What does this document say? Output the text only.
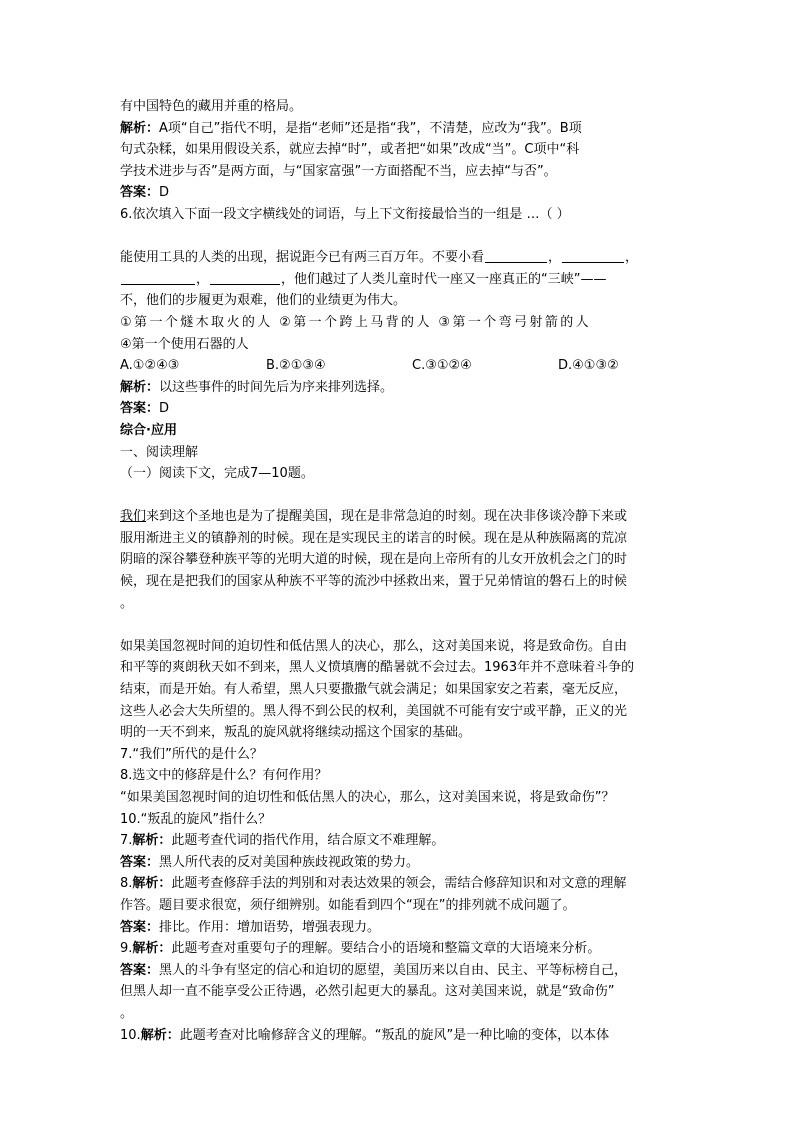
有中国特色的藏用并重的格局。

解析：A项“自己”指代不明，是指“老师”还是指“我”，不清楚，应改为“我”。B项

句式杂糅，如果用假设关系，就应去掉“时”，或者把“如果”改成“当”。C项中“科

学技术进步与否”是两方面，与“国家富强”一方面搭配不当，应去掉“与否”。

答案：D

6.依次填入下面一段文字横线处的词语，与上下文衔接最恰当的一组是 …（ ）

能使用工具的人类的出现，据说距今已有两三百万年。不要小看	，	，

，	，他们越过了人类儿童时代一座又一座真正的“三峡”——

不，他们的步履更为艰难，他们的业绩更为伟大。

①第一个燧木取火的人 ②第一个跨上马背的人 ③第一个弯弓射箭的人

④第一个使用石器的人

A.①②④③	B.②①③④	C.③①②④	D.④①③②

解析：以这些事件的时间先后为序来排列选择。

答案：D

综合·应用

一、阅读理解

（一）阅读下文，完成7—10题。

我们来到这个圣地也是为了提醒美国，现在是非常急迫的时刻。现在决非侈谈冷静下来或

服用渐进主义的镇静剂的时候。现在是实现民主的诺言的时候。现在是从种族隔离的荒凉

阴暗的深谷攀登种族平等的光明大道的时候，现在是向上帝所有的儿女开放机会之门的时

候，现在是把我们的国家从种族不平等的流沙中拯救出来，置于兄弟情谊的磐石上的时候

。

如果美国忽视时间的迫切性和低估黑人的决心，那么，这对美国来说，将是致命伤。自由

和平等的爽朗秋天如不到来，黑人义愤填膺的酷暑就不会过去。1963年并不意味着斗争的

结束，而是开始。有人希望，黑人只要撒撒气就会满足；如果国家安之若素，毫无反应，

这些人必会大失所望的。黑人得不到公民的权利，美国就不可能有安宁或平静，正义的光

明的一天不到来，叛乱的旋风就将继续动摇这个国家的基础。

7.“我们”所代的是什么？

8.选文中的修辞是什么？有何作用？

“如果美国忽视时间的迫切性和低估黑人的决心，那么，这对美国来说，将是致命伤”？

10.“叛乱的旋风”指什么？

7.解析：此题考查代词的指代作用，结合原文不难理解。

答案：黑人所代表的反对美国种族歧视政策的势力。

8.解析：此题考查修辞手法的判别和对表达效果的领会，需结合修辞知识和对文意的理解

作答。题目要求很宽，须仔细辨别。如能看到四个“现在”的排列就不成问题了。

答案：排比。作用：增加语势，增强表现力。

9.解析：此题考查对重要句子的理解。要结合小的语境和整篇文章的大语境来分析。

答案：黑人的斗争有坚定的信心和迫切的愿望，美国历来以自由、民主、平等标榜自己，

但黑人却一直不能享受公正待遇，必然引起更大的暴乱。这对美国来说，就是“致命伤”

。

10.解析：此题考查对比喻修辞含义的理解。“叛乱的旋风”是一种比喻的变体，以本体
